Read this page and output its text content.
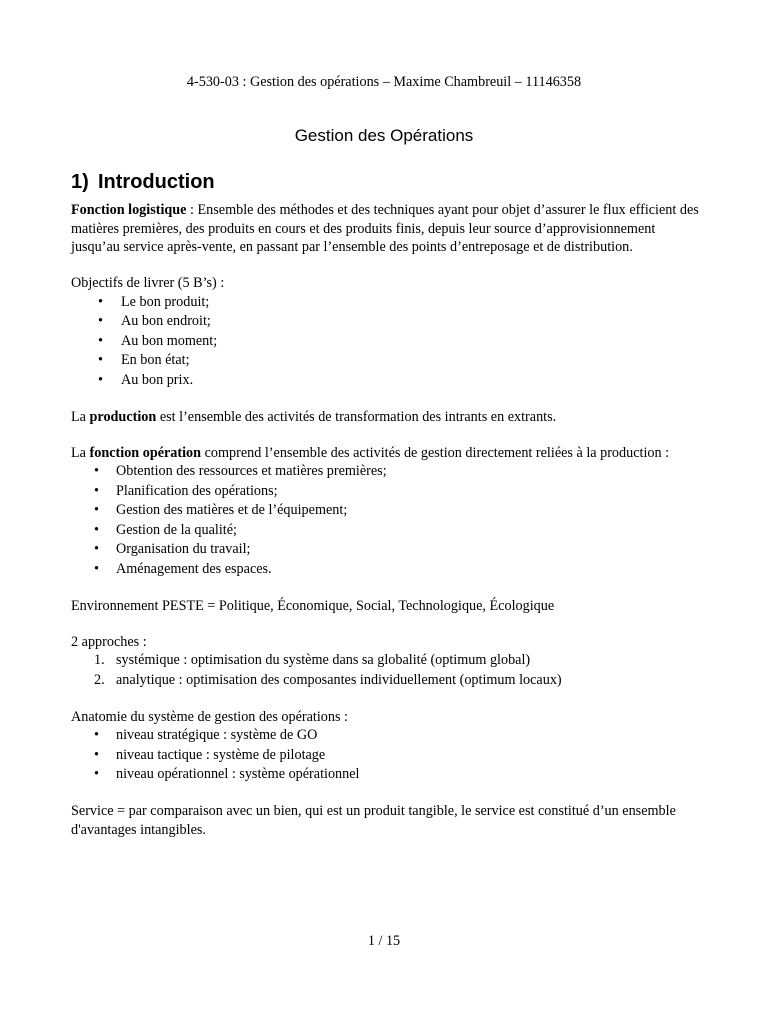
4-530-03 : Gestion des opérations – Maxime Chambreuil – 11146358
Gestion des Opérations
1) Introduction

Fonction logistique : Ensemble des méthodes et des techniques ayant pour objet d’assurer le flux efficient des matières premières, des produits en cours et des produits finis, depuis leur source d’approvisionnement jusqu’au service après-vente, en passant par l’ensemble des points d’entreposage et de distribution.

Objectifs de livrer (5 B’s) :

• Le bon produit;
• Au bon endroit;
• Au bon moment;
• En bon état;
• Au bon prix.

La production est l’ensemble des activités de transformation des intrants en extrants.

La fonction opération comprend l’ensemble des activités de gestion directement reliées à la production :

• Obtention des ressources et matières premières;
• Planification des opérations;
• Gestion des matières et de l’équipement;
• Gestion de la qualité;
• Organisation du travail;
• Aménagement des espaces.

Environnement PESTE = Politique, Économique, Social, Technologique, Écologique

2 approches :

1. systémique : optimisation du système dans sa globalité (optimum global)
2. analytique : optimisation des composantes individuellement (optimum locaux)

Anatomie du système de gestion des opérations :

• niveau stratégique : système de GO
• niveau tactique : système de pilotage
• niveau opérationnel : système opérationnel

Service = par comparaison avec un bien, qui est un produit tangible, le service est constitué d’un ensemble d'avantages intangibles.

1 / 15
